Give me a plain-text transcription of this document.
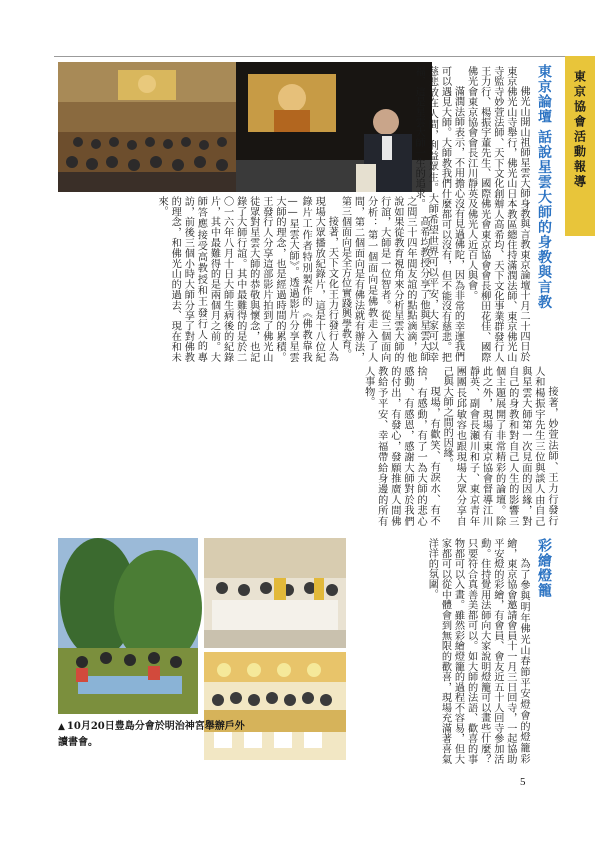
東京協會活動報導
東京論壇 話說星雲大師的身教與言教

佛光山開山祖師星雲大師身教與言教東京論壇十月二十四日於東京佛光山寺舉行，佛光山日本教區總住持滿潤法師、東京佛光山寺監寺妙萱法師、天下文化創辦人高希均、天下文化事業群發行人王力行、楊振宇董先生、國際佛光會東京協會會長柳田花佳、國際佛光會東京協會會長江川靜英及佛光人近百人與會。

滿潤法師表示，不用擔心沒有見過佛陀，因為非常的幸運我們可以遇見大師。大師教我們什麼都可以沒有，但不能沒有慈悲。把慈悲放在人間，利益眾生。大師希望世界可以平安，大家可以幸福，這是星雲大師一生的追求。

高希均教授分享了他與星雲大師之間三十四年間友誼的點點滴滴，他說如果從教育視角來分析星雲大師的行誼，大師是一位智者。從三個面向分析：第一個面向是佛教走入了人間，第二個面向是有佛法就有辦法，第三個面向是全方位實踐興學教育。

接著，天下文化王力行發行人為現場大眾播放紀錄片，這是十八位紀錄片工作者特別製作的《佛教靠我——星雲大師》。透過影片分享星雲大師的理念，也是經過時間的累積。王發行人分享這部影片拍到了佛光山徒眾對星雲大師的恭敬與懷念，也記錄了大師行誼。其中最難得的是於二〇一六年八月十日大師生病後的紀錄片，其中最難得的是兩個月之前。大師答應接受高教授和王發行人的專訪，前後三個小時大師分享了對佛教的理念，和佛光山的過去、現在和未來。

接著，妙萱法師、王力行發行人和楊振宇先生三位與談人由自己與星雲大師第一次見面的因緣，對自己的身教和對自己人生的影響三個主題展開了非常精彩的論壇。除此之外，現場有東京協會督導江川靜英、副會長瀬川和子、東京青年團團長邱敏容也跟現場大眾分享自己與大師之間的因緣。

現場，有歡笑、有淚水、有不捨，有感動，有了一為大師的悲心感動、有感恩，感謝大師對於我們的付出，有發心，發願推廣人間佛教給予平安、幸福帶給身邊的所有人事物。

彩繪燈籠

為了參與明年佛光山春節平安燈會的燈籠彩繪，東京協會邀請會員十一月三日回寺，一起協助平安燈的彩繪，有會員、會友近五十人回寺參加活動。住持覺用法師向大家說明燈籠可以畫些什麼？只要符合真善美都可以。如大師的法語、歡喜的事物都可以入畫。雖然彩繪燈籠的過程不容易，但大家都可以從中體會到無限的歡喜，現場充滿著喜氣洋洋的氛圍。

▲ 10月20日豊島分會於明治神宮舉辦戶外讀書會。
5
